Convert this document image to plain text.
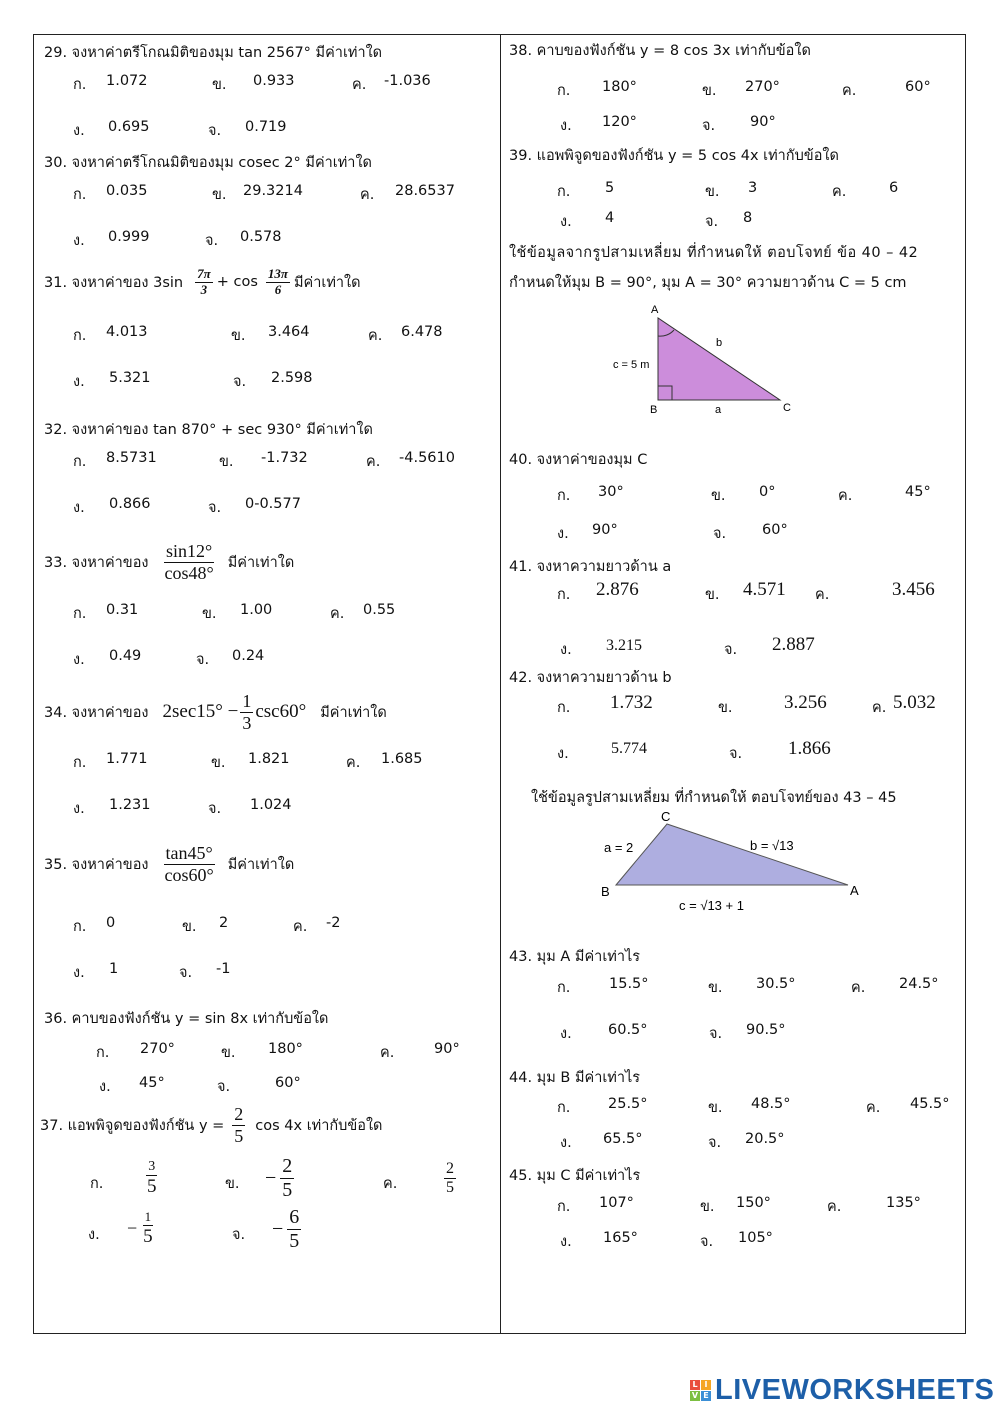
29. จงหาค่าตรีโกณมิติของมุม tan 2567° มีค่าเท่าใด
ก. 1.072	ข. 0.933	ค. -1.036
ง. 0.695	จ. 0.719
30. จงหาค่าตรีโกณมิติของมุม cosec 2° มีค่าเท่าใด
ก. 0.035	ข. 29.3214	ค. 28.6537
ง. 0.999	จ. 0.578
31. จงหาค่าของ $3\sin \frac{7\pi}{3} + \cos \frac{13\pi}{6}$ มีค่าเท่าใด
ก. 4.013	ข. 3.464	ค. 6.478
ง. 5.321	จ. 2.598
32. จงหาค่าของ tan 870° + sec 930° มีค่าเท่าใด
ก. 8.5731	ข. -1.732	ค. -4.5610
ง. 0.866	จ. 0-0.577
33. จงหาค่าของ $\frac{\sin 12^\circ}{\cos 48^\circ}$ มีค่าเท่าใด
ก. 0.31	ข. 1.00	ค. 0.55
ง. 0.49	จ. 0.24
34. จงหาค่าของ $2\sec 15^\circ - \frac{1}{3} \csc 60^\circ$ มีค่าเท่าใด
ก. 1.771	ข. 1.821	ค. 1.685
ง. 1.231	จ. 1.024
35. จงหาค่าของ $\frac{\tan 45^\circ}{\cos 60^\circ}$ มีค่าเท่าใด
ก. 0	ข. 2	ค. -2
ง. 1	จ. -1
36. คาบของฟังก์ชัน y = sin 8x เท่ากับข้อใด
ก. 270°	ข. 180°	ค.	90°
ง. 45°	จ.	60°
37. แอพพิจูดของฟังก์ชัน $y = \frac{2}{5}$ cos 4x เท่ากับข้อใด
ก.	$\frac{3}{5}$	ข. − $\frac{2}{5}$	ค.	$\frac{2}{5}$
ง. − $\frac{1}{5}$	จ. − $\frac{6}{5}$
38. คาบของฟังก์ชัน y = 8 cos 3x เท่ากับข้อใด
ก. 180°	ข. 270°	ค.	60°
ง. 120°	จ. 90°
39. แอพพิจูดของฟังก์ชัน y = 5 cos 4x เท่ากับข้อใด
ก. 5	ข. 3	ค.	6
ง. 4	จ. 8
ใช้ข้อมูลจากรูปสามเหลี่ยม ที่กำหนดให้ ตอบโจทย์ ข้อ 40 – 42
กำหนดให้มุม B = 90°, มุม A = 30° ความยาวด้าน C = 5 cm
A
B	C
c = 5 m
a
b
40. จงหาค่าของมุม C
ก. 30°	ข. 0°	ค.	45°
ง. 90°	จ. 60°
41. จงหาความยาวด้าน a
ก. 2.876	ข. 4.571 ค.	3.456
ง. 3.215	จ. 2.887
42. จงหาความยาวด้าน b
ก. 1.732	ข.	3.256	ค. 5.032
ง.	5.774	จ. 1.866
ใช้ข้อมูลรูปสามเหลี่ยม ที่กำหนดให้ ตอบโจทย์ของ 43 – 45
C
B	A
a = 2	b = √13
c = √13 + 1
43. มุม A มีค่าเท่าไร
ก.	15.5°	ข. 30.5°	ค. 24.5°
ง.	60.5°	จ. 90.5°
44. มุม B มีค่าเท่าไร
ก.	25.5°	ข. 48.5°	ค. 45.5°
ง. 65.5°	จ. 20.5°
45. มุม C มีค่าเท่าไร
ก. 107°	ข. 150°	ค.	135°
ง. 165°	จ. 105°
L I
V E LIVEWORKSHEETS
